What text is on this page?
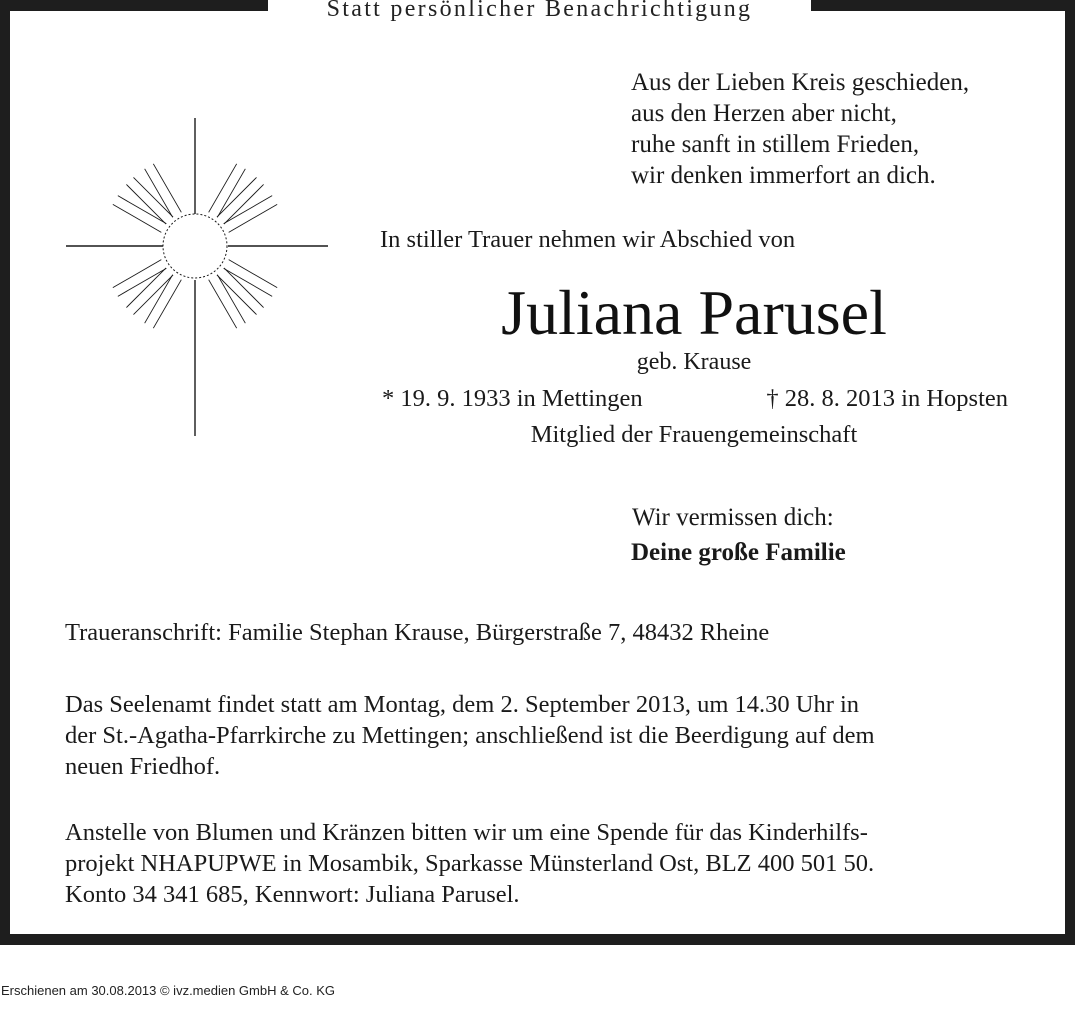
Statt persönlicher Benachrichtigung
Aus der Lieben Kreis geschieden,
aus den Herzen aber nicht,
ruhe sanft in stillem Frieden,
wir denken immerfort an dich.
In stiller Trauer nehmen wir Abschied von
Juliana Parusel
geb. Krause
* 19. 9. 1933 in Mettingen	† 28. 8. 2013 in Hopsten
Mitglied der Frauengemeinschaft
Wir vermissen dich:
Deine große Familie
Traueranschrift: Familie Stephan Krause, Bürgerstraße 7, 48432 Rheine
Das Seelenamt findet statt am Montag, dem 2. September 2013, um 14.30 Uhr in
der St.-Agatha-Pfarrkirche zu Mettingen; anschließend ist die Beerdigung auf dem
neuen Friedhof.
Anstelle von Blumen und Kränzen bitten wir um eine Spende für das Kinderhilfs-
projekt NHAPUPWE in Mosambik, Sparkasse Münsterland Ost, BLZ 400 501 50.
Konto 34 341 685, Kennwort: Juliana Parusel.
Erschienen am 30.08.2013 © ivz.medien GmbH & Co. KG
